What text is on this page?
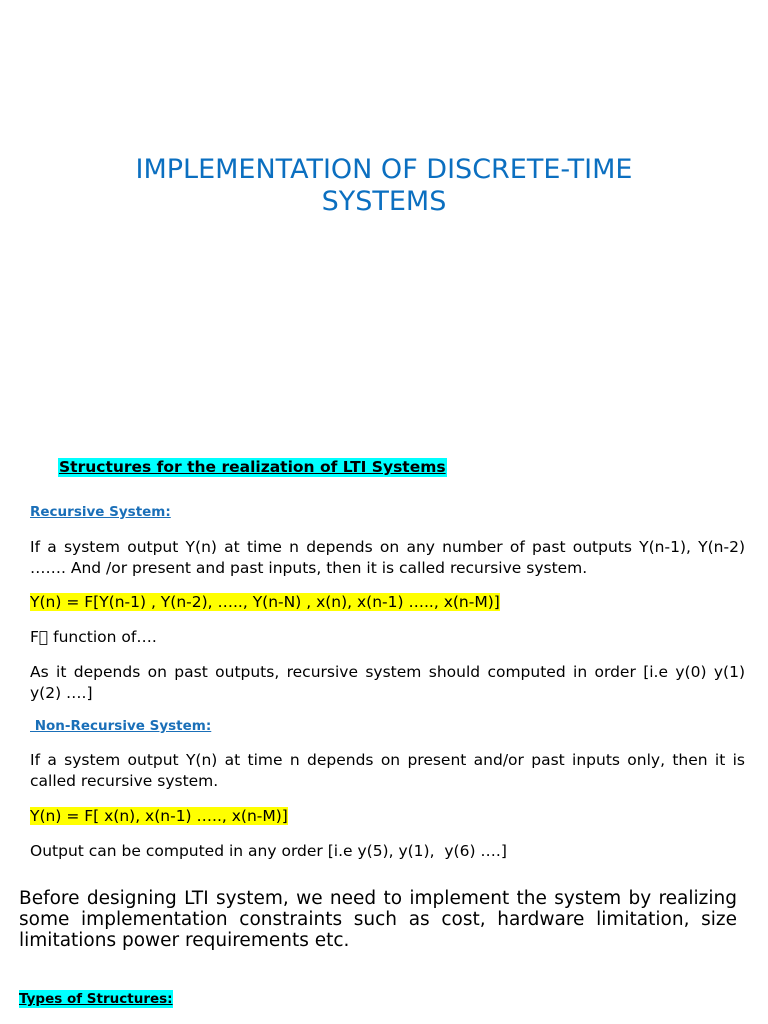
IMPLEMENTATION OF DISCRETE-TIME
SYSTEMS
Structures for the realization of LTI Systems
Recursive System:
If a system output Y(n) at time n depends on any number of past outputs Y(n-1), Y(n-2) ……. And /or present and past inputs, then it is called recursive system.
Y(n) = F[Y(n-1) , Y(n-2), ….., Y(n-N) , x(n), x(n-1) ….., x(n-M)]
F  function of….
As it depends on past outputs, recursive system should computed in order [i.e y(0) y(1) y(2) ….]
Non-Recursive System:
If a system output Y(n) at time n depends on present and/or past inputs only, then it is called recursive system.
Y(n) = F[ x(n), x(n-1) ….., x(n-M)]
Output can be computed in any order [i.e y(5), y(1),  y(6) ….]
Before designing LTI system, we need to implement the system by realizing some implementation constraints such as cost, hardware limitation, size limitations power requirements etc.
Types of Structures:
